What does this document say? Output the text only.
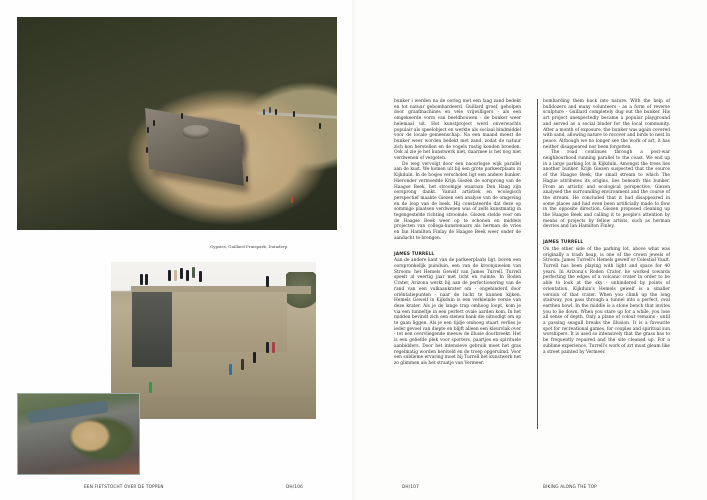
Gypsies, Guillard Prinspark, Duinderp
EEN FIETSTOCHT OVER DE TOPPEN	DH/106

bunker i werden na de oorlog met een laag zand bedekt en tot natuur gebombardeerd. Guillard groef, geholpen door graafmachines en vele vrijwilligers - als een omgekeerde vorm van beeldhouwen - de bunker weer helemaal uit. Het kunstproject werd onverwachts populair als speelobject en werkte als sociaal bindmiddel voor de locale gemeenschap. Na een maand moest de bunker weer worden bedekt met zand, zodat de natuur zich kon herstellen en de vogels rustig konden broeden. Ook al zie je het kunstwerk niet, daarmee is het nog niet verdwenen of vergeten.

De weg vervolgt door een naoorlogse wijk parallel aan de kust. We komen uit bij een grote parkeerplaats in Kijkduin. In de bosjes verscholen ligt een andere bunker. Hieronder vermoedde Krijn Giezen de oorsprong van de Haagse Beek, het stroompje waaraan Den Haag zijn oorsprong dankt. Vanuit artistiek en ecologisch perspectief maakte Giezen een analyse van de omgeving en de loop van de beek. Hij constateerde dat deze op sommige plaatsen verdwenen was of zelfs kunstmatig in tegengestelde richting stroomde. Giezen stelde voor om de Haagse Beek weer op te schonen en middels projecten van collega-kunstenaars als herman de vries en Ian Hamilton Finlay de Haagse Beek weer onder de aandacht te brengen.

JAMES TURRELL

Aan de andere kant van de parkeerplaats ligt, boven een oorspronkelijk puinduin, een van de kroonjuwelen van Stroom: het Hemels Gewelf van James Turrell. Turrell speelt al veertig jaar met licht en ruimte. In Roden Crater, Arizona werkt hij aan de perfectionering van de rand van een vulkaankrater om - ongehinderd door oriëntatiepunten - naar de lucht te kunnen kijken. Hemels Gewelf in Kijkduin is een verkleinde versie van deze krater. Als je de lange trap omhoog loopt, kom je via een tunneltje in een perfect ovale aarden kom. In het midden bevindt zich een stenen bank die uitnodigt om op te gaan liggen. Als je een tijdje omhoog staart verlies je ieder gevoel van diepte en blijft alleen een kleurvlak over - tot een overvliegende meeuw de illusie doorbreekt. Het is een geliefde plek voor sporters, paartjes en spirituele aanbidders. Door het intensieve gebruik moet het gras regelmatig worden hersteld en de troep opgeruimd. Voor een sublieme ervaring moet bij Turrell het kunstwerk net zo glimmen als het straatje van Vermeer.

bombarding them back into nature. With the help of bulldozers and many volunteers - as a form of reverse sculpture - Guillard completely dug out the bunker. His art project unexpectedly became a popular playground and served as a social binder for the local community. After a month of exposure, the bunker was again covered with sand, allowing nature to recover and birds to nest in peace. Although we no longer see the work of art, it has neither disappeared nor been forgotten.

The road continues through a post-war neighbourhood running parallel to the coast. We end up in a large parking lot in Kijkduin. Amongst the trees lies another bunker. Krijn Giezen suspected that the source of the Haagse Beek, the small stream to which The Hague attributes its origins, lies beneath this bunker. From an artistic and ecological perspective, Giezen analysed the surrounding environment and the course of the stream. He concluded that it had disappeared in some places and had even been artificially made to flow in the opposite direction. Giezen proposed cleaning up the Haagse Beek and calling it to people's attention by means of projects by fellow artists, such as herman devries and Ian Hamilton Finley.

JAMES TURRELL

On the other side of the parking lot, above what was originally a trash heap, is one of the crown jewels of Stroom: James Turrell's Hemels gewelf or Celestial Vault. Turrell has been playing with light and space for 40 years. In Arizona's Roden Crater, he worked towards perfecting the edges of a volcanic crater in order to be able to look at the sky - unhindered by points of orientation. Kijkduin's Hemels gewelf is a smaller version of that crater. When you climb up the long stairway, you pass through a tunnel into a perfect, oval earthen bowl. In the middle is a stone bench that invites you to lie down. When you stare up for a while, you lose all sense of depth. Only a plane of colour remains - until a passing seagull breaks the illusion. It is a favourite spot for recreational games, for couples and spiritual sun worshipers. It is used so intensively that the grass has to be frequently repaired and the site cleaned up. For a sublime experience, Turrell's work of art must gleam like a street painted by Vermeer.

DH/107	BIKING ALONG THE TOP
